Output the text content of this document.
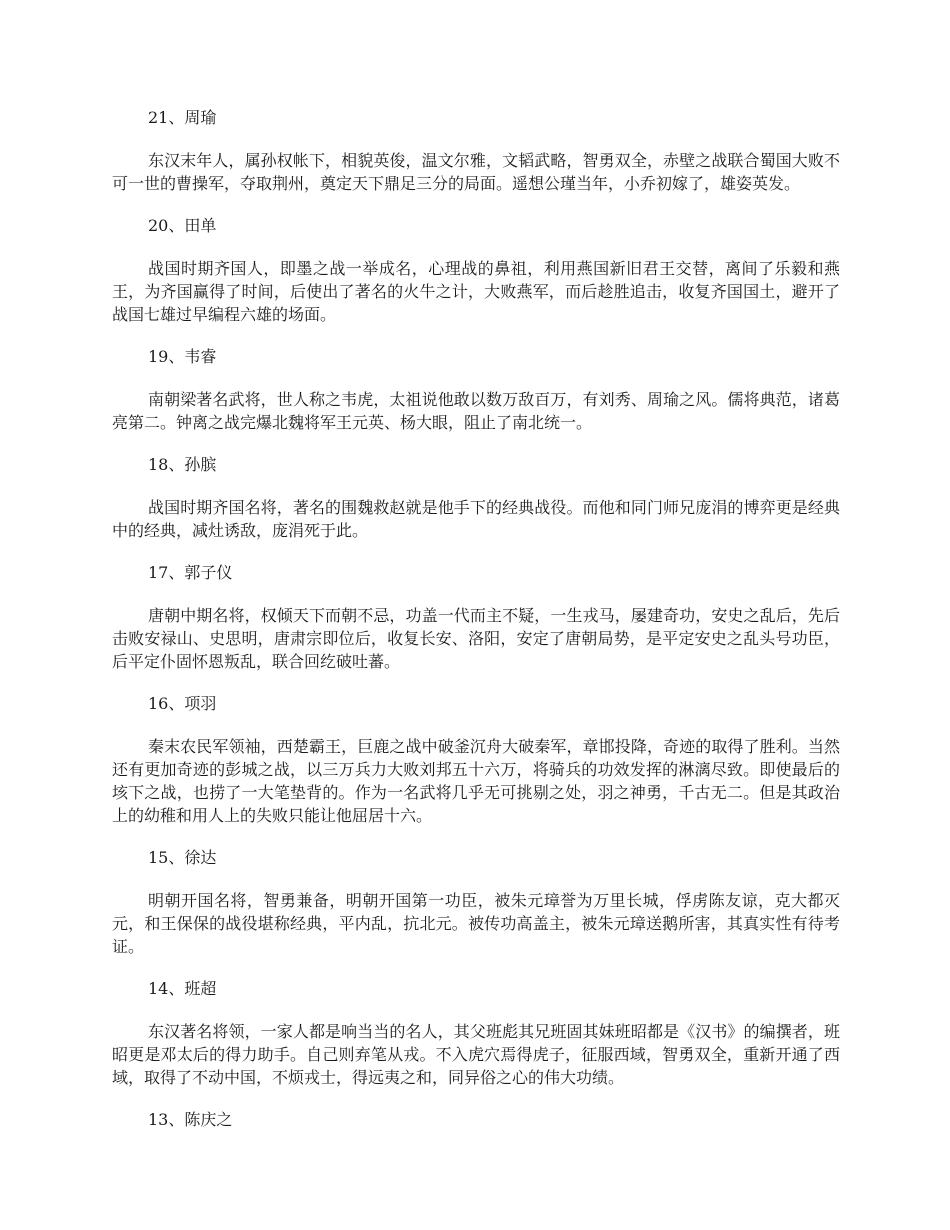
21、周瑜

东汉末年人，属孙权帐下，相貌英俊，温文尔雅，文韬武略，智勇双全，赤壁之战联合蜀国大败不可一世的曹操军，夺取荆州，奠定天下鼎足三分的局面。遥想公瑾当年，小乔初嫁了，雄姿英发。

20、田单

战国时期齐国人，即墨之战一举成名，心理战的鼻祖，利用燕国新旧君王交替，离间了乐毅和燕王，为齐国赢得了时间，后使出了著名的火牛之计，大败燕军，而后趁胜追击，收复齐国国土，避开了战国七雄过早编程六雄的场面。

19、韦睿

南朝梁著名武将，世人称之韦虎，太祖说他敢以数万敌百万，有刘秀、周瑜之风。儒将典范，诸葛亮第二。钟离之战完爆北魏将军王元英、杨大眼，阻止了南北统一。

18、孙膑

战国时期齐国名将，著名的围魏救赵就是他手下的经典战役。而他和同门师兄庞涓的博弈更是经典中的经典，减灶诱敌，庞涓死于此。

17、郭子仪

唐朝中期名将，权倾天下而朝不忌，功盖一代而主不疑，一生戎马，屡建奇功，安史之乱后，先后击败安禄山、史思明，唐肃宗即位后，收复长安、洛阳，安定了唐朝局势，是平定安史之乱头号功臣，后平定仆固怀恩叛乱，联合回纥破吐蕃。

16、项羽

秦末农民军领袖，西楚霸王，巨鹿之战中破釜沉舟大破秦军，章邯投降，奇迹的取得了胜利。当然还有更加奇迹的彭城之战，以三万兵力大败刘邦五十六万，将骑兵的功效发挥的淋漓尽致。即使最后的垓下之战，也捞了一大笔垫背的。作为一名武将几乎无可挑剔之处，羽之神勇，千古无二。但是其政治上的幼稚和用人上的失败只能让他屈居十六。

15、徐达

明朝开国名将，智勇兼备，明朝开国第一功臣，被朱元璋誉为万里长城，俘虏陈友谅，克大都灭元，和王保保的战役堪称经典，平内乱，抗北元。被传功高盖主，被朱元璋送鹅所害，其真实性有待考证。

14、班超

东汉著名将领，一家人都是响当当的名人，其父班彪其兄班固其妹班昭都是《汉书》的编撰者，班昭更是邓太后的得力助手。自己则弃笔从戎。不入虎穴焉得虎子，征服西域，智勇双全，重新开通了西域，取得了不动中国，不烦戎士，得远夷之和，同异俗之心的伟大功绩。

13、陈庆之
